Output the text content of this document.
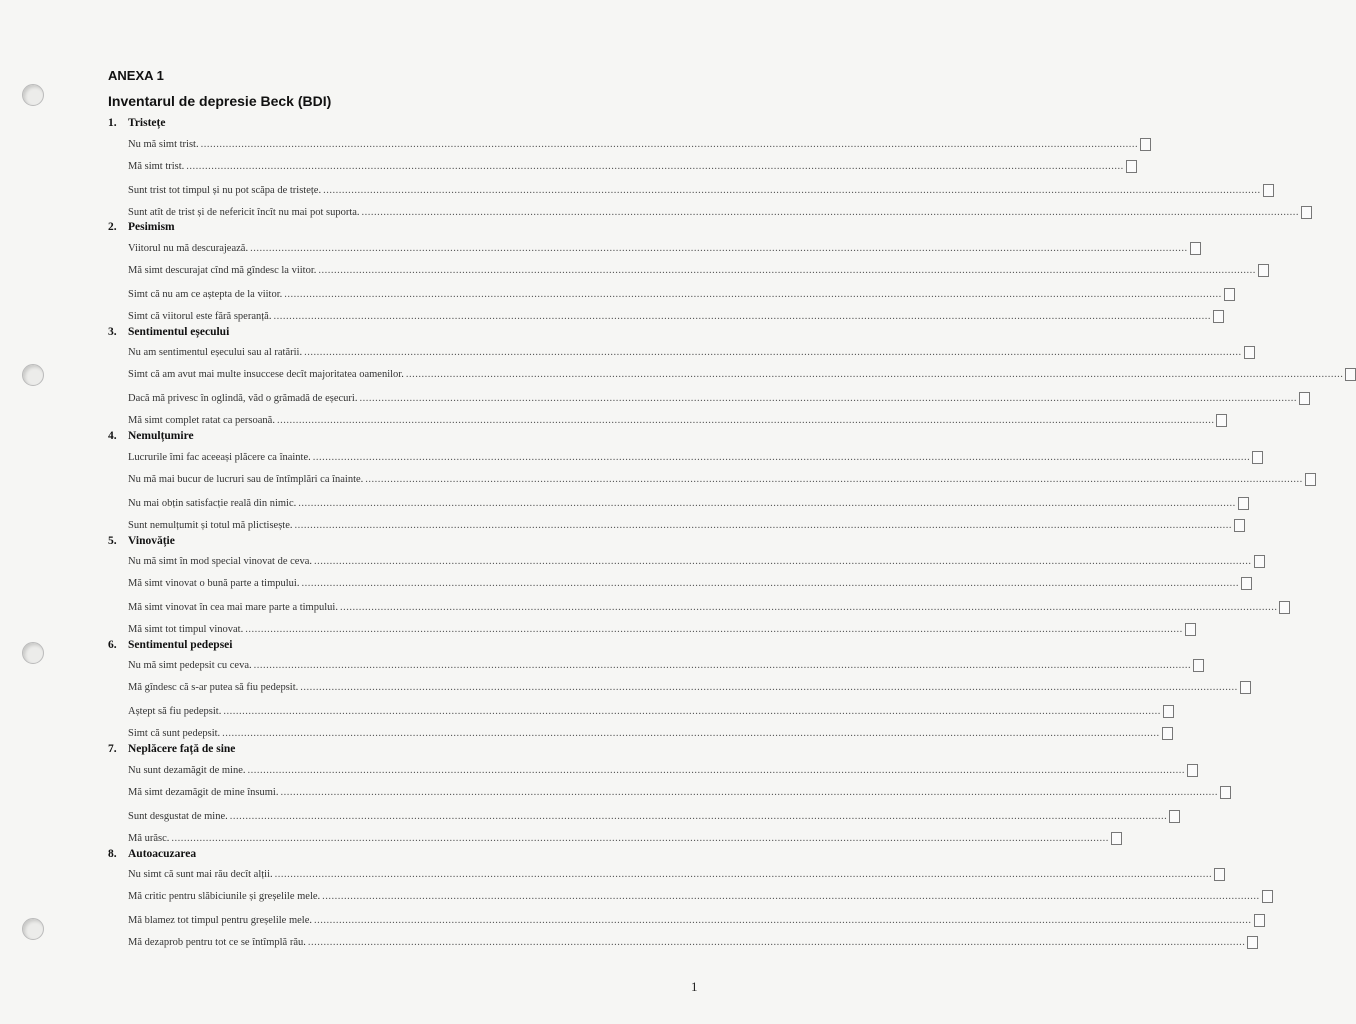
ANEXA 1
Inventarul de depresie Beck (BDI)
1. Tristețe
Nu mă simt trist. ............................................................................................................................................................................................................................................................................................................
Mă simt trist. ............................................................................................................................................................................................................................................................................................................
Sunt trist tot timpul și nu pot scăpa de tristețe. ............................................................................................................................................................................................................................................................................................................
Sunt atît de trist și de nefericit încît nu mai pot suporta. ............................................................................................................................................................................................................................................................................................................
2. Pesimism
Viitorul nu mă descurajează. ............................................................................................................................................................................................................................................................................................................
Mă simt descurajat cînd mă gîndesc la viitor. ............................................................................................................................................................................................................................................................................................................
Simt că nu am ce aștepta de la viitor. ............................................................................................................................................................................................................................................................................................................
Simt că viitorul este fără speranță. ............................................................................................................................................................................................................................................................................................................
3. Sentimentul eșecului
Nu am sentimentul eșecului sau al ratării. ............................................................................................................................................................................................................................................................................................................
Simt că am avut mai multe insuccese decît majoritatea oamenilor. ............................................................................................................................................................................................................................................................................................................
Dacă mă privesc în oglindă, văd o grămadă de eșecuri. ............................................................................................................................................................................................................................................................................................................
Mă simt complet ratat ca persoană. ............................................................................................................................................................................................................................................................................................................
4. Nemulțumire
Lucrurile îmi fac aceeași plăcere ca înainte. ............................................................................................................................................................................................................................................................................................................
Nu mă mai bucur de lucruri sau de întîmplări ca înainte. ............................................................................................................................................................................................................................................................................................................
Nu mai obțin satisfacție reală din nimic. ............................................................................................................................................................................................................................................................................................................
Sunt nemulțumit și totul mă plictisește. ............................................................................................................................................................................................................................................................................................................
5. Vinovăție
Nu mă simt în mod special vinovat de ceva. ............................................................................................................................................................................................................................................................................................................
Mă simt vinovat o bună parte a timpului. ............................................................................................................................................................................................................................................................................................................
Mă simt vinovat în cea mai mare parte a timpului. ............................................................................................................................................................................................................................................................................................................
Mă simt tot timpul vinovat. ............................................................................................................................................................................................................................................................................................................
6. Sentimentul pedepsei
Nu mă simt pedepsit cu ceva. ............................................................................................................................................................................................................................................................................................................
Mă gîndesc că s-ar putea să fiu pedepsit. ............................................................................................................................................................................................................................................................................................................
Aștept să fiu pedepsit. ............................................................................................................................................................................................................................................................................................................
Simt că sunt pedepsit. ............................................................................................................................................................................................................................................................................................................
7. Neplăcere față de sine
Nu sunt dezamăgit de mine. ............................................................................................................................................................................................................................................................................................................
Mă simt dezamăgit de mine însumi. ............................................................................................................................................................................................................................................................................................................
Sunt desgustat de mine. ............................................................................................................................................................................................................................................................................................................
Mă urăsc. ............................................................................................................................................................................................................................................................................................................
8. Autoacuzarea
Nu simt că sunt mai rău decît alții. ............................................................................................................................................................................................................................................................................................................
Mă critic pentru slăbiciunile și greșelile mele. ............................................................................................................................................................................................................................................................................................................
Mă blamez tot timpul pentru greșelile mele. ............................................................................................................................................................................................................................................................................................................
Mă dezaprob pentru tot ce se întîmplă rău. ............................................................................................................................................................................................................................................................................................................
1
